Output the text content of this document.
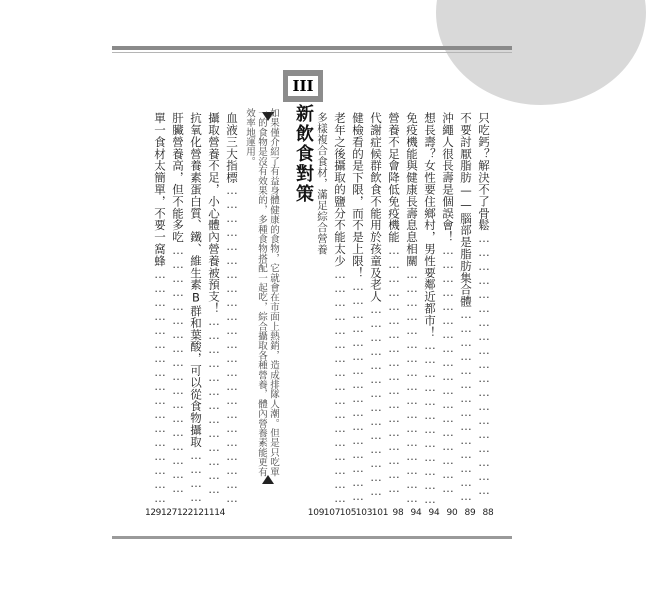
只吃鈣？解決不了骨鬆 ……………………………………………………………………
不要討厭脂肪——腦部是脂肪集合體 ……………………………………………………………………
沖繩人很長壽是個誤會！ ……………………………………………………………………
想長壽？女性要住鄉村，男性要鄰近都市！ ……………………………………………………………………
免疫機能與健康長壽息息相關 ……………………………………………………………………
營養不足會降低免疫機能 ……………………………………………………………………
代謝症候群飲食不能用於孩童及老人 ……………………………………………………………………
健檢看的是下限，而不是上限！ ……………………………………………………………………
老年之後攝取的鹽分不能太少 ……………………………………………………………………
88
89
90
94
94
98
101
103
105
107
109
III
新飲食對策 多樣複合食材，滿足綜合營養
如果僅介紹了有益身體健康的食物，它就會在市面上熱銷，造成排隊人潮。但是只吃單一的食物是沒有效果的，多種食物搭配一起吃，綜合攝取各種營養，體內營養素能更有效率地運用。
血液三大指標 ……………………………………………………………………
攝取營養不足，小心體內營養被預支！ ……………………………………………………………………
抗氧化營養素蛋白質、鐵、維生素B群和葉酸，可以從食物攝取 ……………………………………………………………………
肝臟營養高，但不能多吃 ……………………………………………………………………
單一食材太簡單，不要一窩蜂 ……………………………………………………………………
129127122121114
